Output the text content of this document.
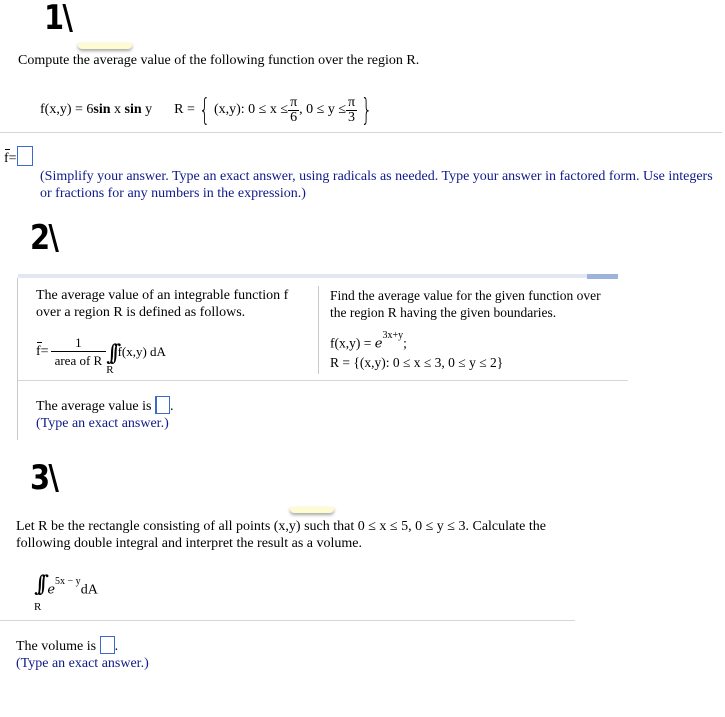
1\
Compute the average value of the following function over the region R.
f(x,y) = 6 sin x sin y R = { (x,y): $0 \le x \le \frac{\pi}{6}$ , $0 \le y \le \frac{\pi}{3}$ }
f=
(Simplify your answer. Type an exact answer, using radicals as needed. Type your answer in factored form. Use integers or fractions for any numbers in the expression.)
2\
The average value of an integrable function f over a region R is defined as follows.
$f = \frac{1}{\text{area of R}}$ ∫∫
R
f(x,y) dA
Find the average value for the given function over the region R having the given boundaries.
$f(x,y) = e^{3x+y}$;
R = {(x,y): 0 ≤ x ≤ 3, 0 ≤ y ≤ 2}
The average value is .
(Type an exact answer.)
3\
Let R be the rectangle consisting of all points (x,y) such that 0 ≤ x ≤ 5, 0 ≤ y ≤ 3. Calculate the following double integral and interpret the result as a volume.
∫∫
R
$e^{5x - y}dA$
The volume is .
(Type an exact answer.)
